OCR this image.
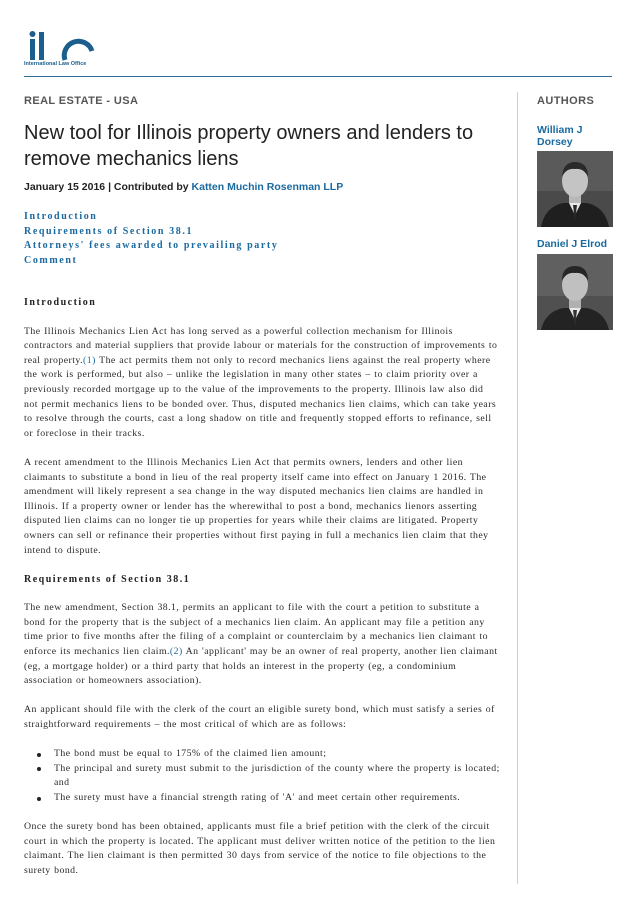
International Law Office
REAL ESTATE - USA
New tool for Illinois property owners and lenders to remove mechanics liens
January 15 2016 | Contributed by Katten Muchin Rosenman LLP
Introduction
Requirements of Section 38.1
Attorneys' fees awarded to prevailing party
Comment
Introduction

The Illinois Mechanics Lien Act has long served as a powerful collection mechanism for Illinois contractors and material suppliers that provide labour or materials for the construction of improvements to real property.(1) The act permits them not only to record mechanics liens against the real property where the work is performed, but also – unlike the legislation in many other states – to claim priority over a previously recorded mortgage up to the value of the improvements to the property. Illinois law also did not permit mechanics liens to be bonded over. Thus, disputed mechanics lien claims, which can take years to resolve through the courts, cast a long shadow on title and frequently stopped efforts to refinance, sell or foreclose in their tracks.

A recent amendment to the Illinois Mechanics Lien Act that permits owners, lenders and other lien claimants to substitute a bond in lieu of the real property itself came into effect on January 1 2016. The amendment will likely represent a sea change in the way disputed mechanics lien claims are handled in Illinois. If a property owner or lender has the wherewithal to post a bond, mechanics lienors asserting disputed lien claims can no longer tie up properties for years while their claims are litigated. Property owners can sell or refinance their properties without first paying in full a mechanics lien claim that they intend to dispute.

Requirements of Section 38.1

The new amendment, Section 38.1, permits an applicant to file with the court a petition to substitute a bond for the property that is the subject of a mechanics lien claim. An applicant may file a petition any time prior to five months after the filing of a complaint or counterclaim by a mechanics lien claimant to enforce its mechanics lien claim.(2) An 'applicant' may be an owner of real property, another lien claimant (eg, a mortgage holder) or a third party that holds an interest in the property (eg, a condominium association or homeowners association).

An applicant should file with the clerk of the court an eligible surety bond, which must satisfy a series of straightforward requirements – the most critical of which are as follows:

The bond must be equal to 175% of the claimed lien amount;
The principal and surety must submit to the jurisdiction of the county where the property is located; and
The surety must have a financial strength rating of 'A' and meet certain other requirements.

Once the surety bond has been obtained, applicants must file a brief petition with the clerk of the circuit court in which the property is located. The applicant must deliver written notice of the petition to the lien claimant. The lien claimant is then permitted 30 days from service of the notice to file objections to the surety bond.

AUTHORS
William J Dorsey
Daniel J Elrod
